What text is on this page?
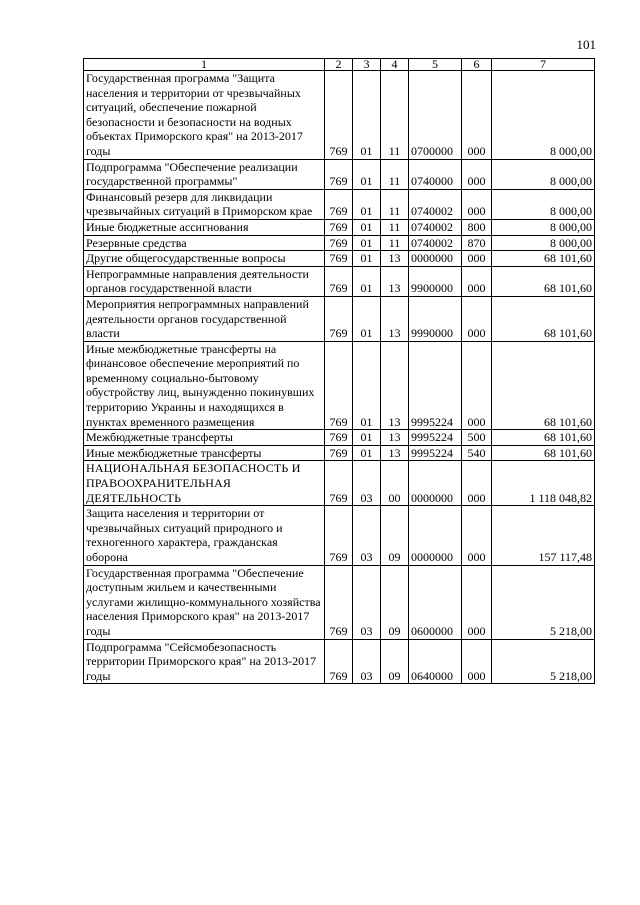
101
1	2	3	4	5	6	7
Государственная программа "Защита населения и территории от чрезвычайных ситуаций, обеспечение пожарной безопасности и безопасности на водных объектах Приморского края" на 2013-2017 годы	769	01	11	0700000	000	8 000,00
Подпрограмма "Обеспечение реализации государственной программы"	769	01	11	0740000	000	8 000,00
Финансовый резерв для ликвидации чрезвычайных ситуаций в Приморском крае	769	01	11	0740002	000	8 000,00
Иные бюджетные ассигнования	769	01	11	0740002	800	8 000,00
Резервные средства	769	01	11	0740002	870	8 000,00
Другие общегосударственные вопросы	769	01	13	0000000	000	68 101,60
Непрограммные направления деятельности органов государственной власти	769	01	13	9900000	000	68 101,60
Мероприятия непрограммных направлений деятельности органов государственной власти	769	01	13	9990000	000	68 101,60
Иные межбюджетные трансферты на финансовое обеспечение мероприятий по временному социально-бытовому обустройству лиц, вынужденно покинувших территорию Украины и находящихся в пунктах временного размещения	769	01	13	9995224	000	68 101,60
Межбюджетные трансферты	769	01	13	9995224	500	68 101,60
Иные межбюджетные трансферты	769	01	13	9995224	540	68 101,60
НАЦИОНАЛЬНАЯ БЕЗОПАСНОСТЬ И ПРАВООХРАНИТЕЛЬНАЯ ДЕЯТЕЛЬНОСТЬ	769	03	00	0000000	000	1 118 048,82
Защита населения и территории от чрезвычайных ситуаций природного и техногенного характера, гражданская оборона	769	03	09	0000000	000	157 117,48
Государственная программа "Обеспечение доступным жильем и качественными услугами жилищно-коммунального хозяйства населения Приморского края" на 2013-2017 годы	769	03	09	0600000	000	5 218,00
Подпрограмма "Сейсмобезопасность территории Приморского края" на 2013-2017 годы	769	03	09	0640000	000	5 218,00
